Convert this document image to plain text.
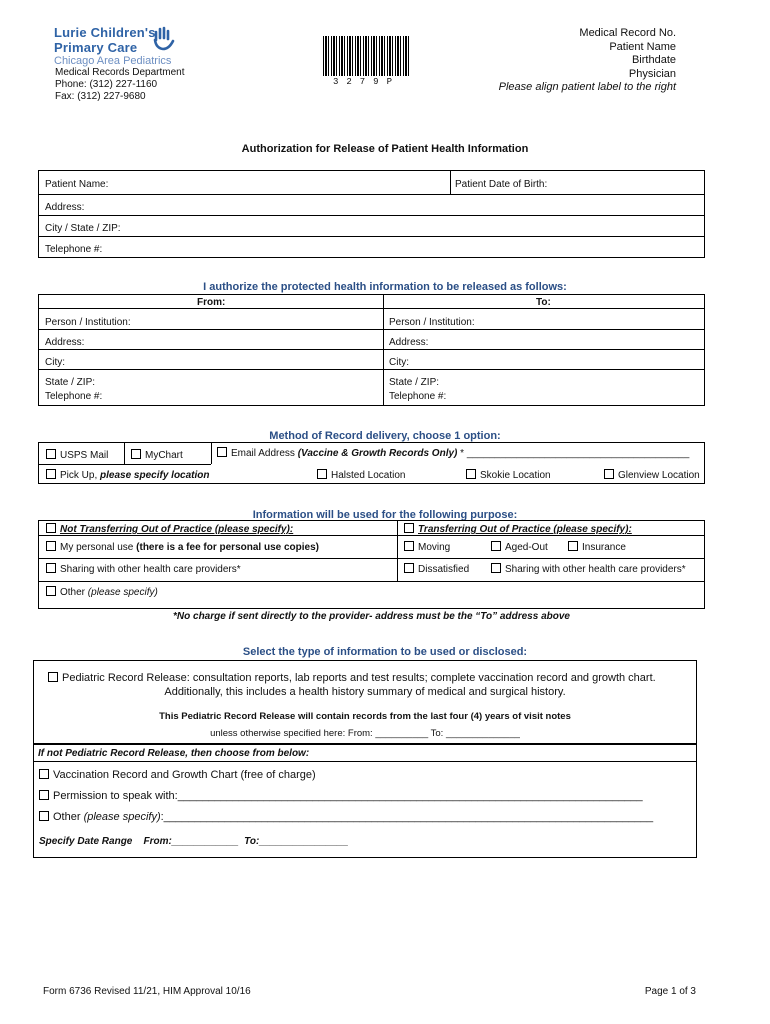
Lurie Children's
Primary Care
Chicago Area Pediatrics
Medical Records Department
Phone: (312) 227-1160
Fax: (312) 227-9680
3279P
Medical Record No.
Patient Name
Birthdate
Physician
Please align patient label to the right
Authorization for Release of Patient Health Information
Patient Name:	Patient Date of Birth:
Address:
City / State / ZIP:
Telephone #:
I authorize the protected health information to be released as follows:
From:	To:
Person / Institution:	Person / Institution:
Address:	Address:
City:	City:
State / ZIP:	State / ZIP:
Telephone #:	Telephone #:
Method of Record delivery, choose 1 option:
USPS Mail	MyChart	Email Address (Vaccine & Growth Records Only) * ________________________________________
Pick Up, please specify location	Halsted Location	Skokie Location	Glenview Location
Information will be used for the following purpose:
Not Transferring Out of Practice (please specify):	Transferring Out of Practice (please specify):
My personal use (there is a fee for personal use copies)	Moving	Aged-Out	Insurance
Sharing with other health care providers*	Dissatisfied	Sharing with other health care providers*
Other (please specify)
*No charge if sent directly to the provider- address must be the “To” address above
Select the type of information to be used or disclosed:
Pediatric Record Release: consultation reports, lab reports and test results; complete vaccination record and growth chart.
Additionally, this includes a health history summary of medical and surgical history.
This Pediatric Record Release will contain records from the last four (4) years of visit notes
unless otherwise specified here: From: __________ To: ______________
If not Pediatric Record Release, then choose from below:
Vaccination Record and Growth Chart (free of charge)
Permission to speak with:____________________________________________________________________________
Other (please specify):________________________________________________________________________________
Specify Date Range    From:____________  To:________________
Form 6736 Revised 11/21, HIM Approval 10/16	Page 1 of 3
